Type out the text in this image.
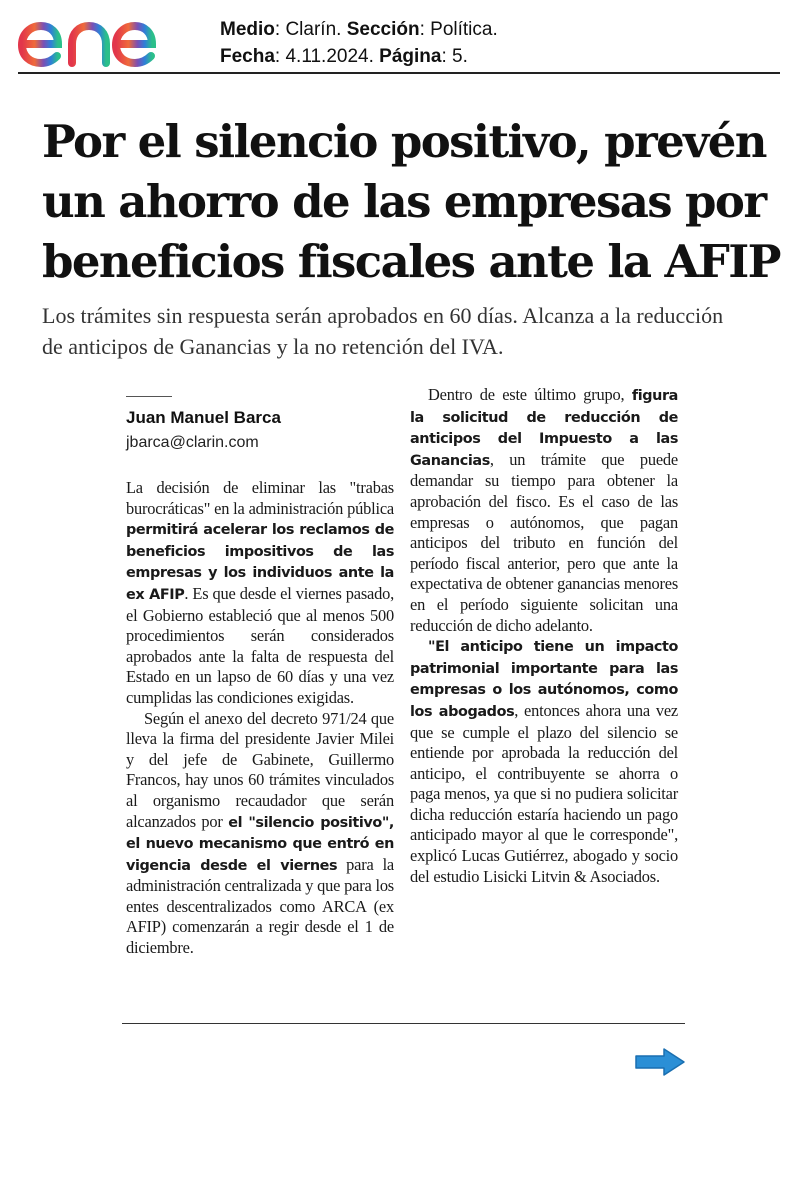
Medio: Clarín. Sección: Política.
Fecha: 4.11.2024. Página: 5.
Por el silencio positivo, prevén
un ahorro de las empresas por
beneficios fiscales ante la AFIP

Los trámites sin respuesta serán aprobados en 60 días. Alcanza a la reducción
de anticipos de Ganancias y la no retención del IVA.

Juan Manuel Barca
jbarca@clarin.com

La decisión de eliminar las "trabas burocráticas" en la administración pública permitirá acelerar los reclamos de beneficios impositivos de las empresas y los individuos ante la ex AFIP. Es que desde el viernes pasado, el Gobierno estableció que al menos 500 procedimientos serán considerados aprobados ante la falta de respuesta del Estado en un lapso de 60 días y una vez cumplidas las condiciones exigidas.

Según el anexo del decreto 971/24 que lleva la firma del presidente Javier Milei y del jefe de Gabinete, Guillermo Francos, hay unos 60 trámites vinculados al organismo recaudador que serán alcanzados por el "silencio positivo", el nuevo mecanismo que entró en vigencia desde el viernes para la administración centralizada y que para los entes descentralizados como ARCA (ex AFIP) comenzarán a regir desde el 1 de diciembre.

Dentro de este último grupo, figura la solicitud de reducción de anticipos del Impuesto a las Ganancias, un trámite que puede demandar su tiempo para obtener la aprobación del fisco. Es el caso de las empresas o autónomos, que pagan anticipos del tributo en función del período fiscal anterior, pero que ante la expectativa de obtener ganancias menores en el período siguiente solicitan una reducción de dicho adelanto.

"El anticipo tiene un impacto patrimonial importante para las empresas o los autónomos, como los abogados, entonces ahora una vez que se cumple el plazo del silencio se entiende por aprobada la reducción del anticipo, el contribuyente se ahorra o paga menos, ya que si no pudiera solicitar dicha reducción estaría haciendo un pago anticipado mayor al que le corresponde", explicó Lucas Gutiérrez, abogado y socio del estudio Lisicki Litvin & Asociados.
